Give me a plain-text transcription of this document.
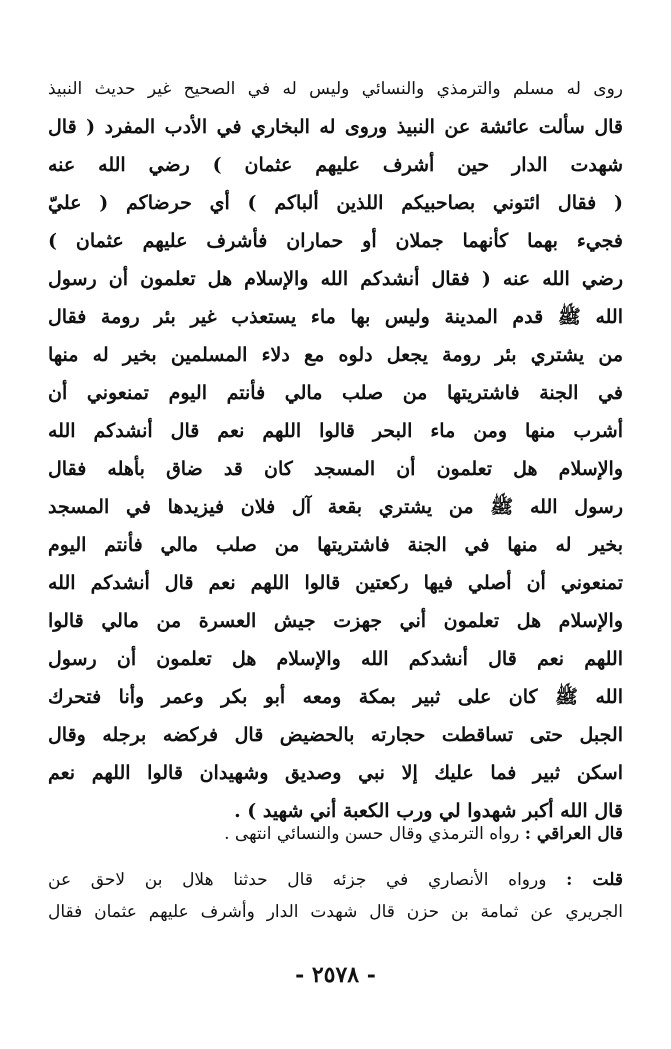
روى له مسلم والترمذي والنسائي وليس له في الصحيح غير حديث النبيذ
قال سألت عائشة عن النبيذ وروى له البخاري في الأدب المفرد ( قال
شهدت الدار حين أشرف عليهم عثمان ) رضي الله عنه
( فقال ائتوني بصاحبيكم اللذين ألباكم ) أي حرضاكم ( عليّ
فجيء بهما كأنهما جملان أو حماران فأشرف عليهم عثمان )
رضي الله عنه ( فقال أنشدكم الله والإسلام هل تعلمون أن رسول
الله ﷺ قدم المدينة وليس بها ماء يستعذب غير بئر رومة فقال
من يشتري بئر رومة يجعل دلوه مع دلاء المسلمين بخير له منها
في الجنة فاشتريتها من صلب مالي فأنتم اليوم تمنعوني أن
أشرب منها ومن ماء البحر قالوا اللهم نعم قال أنشدكم الله
والإسلام هل تعلمون أن المسجد كان قد ضاق بأهله فقال
رسول الله ﷺ من يشتري بقعة آل فلان فيزيدها في المسجد
بخير له منها في الجنة فاشتريتها من صلب مالي فأنتم اليوم
تمنعوني أن أصلي فيها ركعتين قالوا اللهم نعم قال أنشدكم الله
والإسلام هل تعلمون أني جهزت جيش العسرة من مالي قالوا
اللهم نعم قال أنشدكم الله والإسلام هل تعلمون أن رسول
الله ﷺ كان على ثبير بمكة ومعه أبو بكر وعمر وأنا فتحرك
الجبل حتى تساقطت حجارته بالحضيض قال فركضه برجله وقال
اسكن ثبير فما عليك إلا نبي وصديق وشهيدان قالوا اللهم نعم
قال الله أكبر شهدوا لي ورب الكعبة أني شهيد ) .
قال العراقي : رواه الترمذي وقال حسن والنسائي انتهى .
قلت : ورواه الأنصاري في جزئه قال حدثنا هلال بن لاحق عن
الجريري عن ثمامة بن حزن قال شهدت الدار وأشرف عليهم عثمان فقال
- ٢٥٧٨ -
